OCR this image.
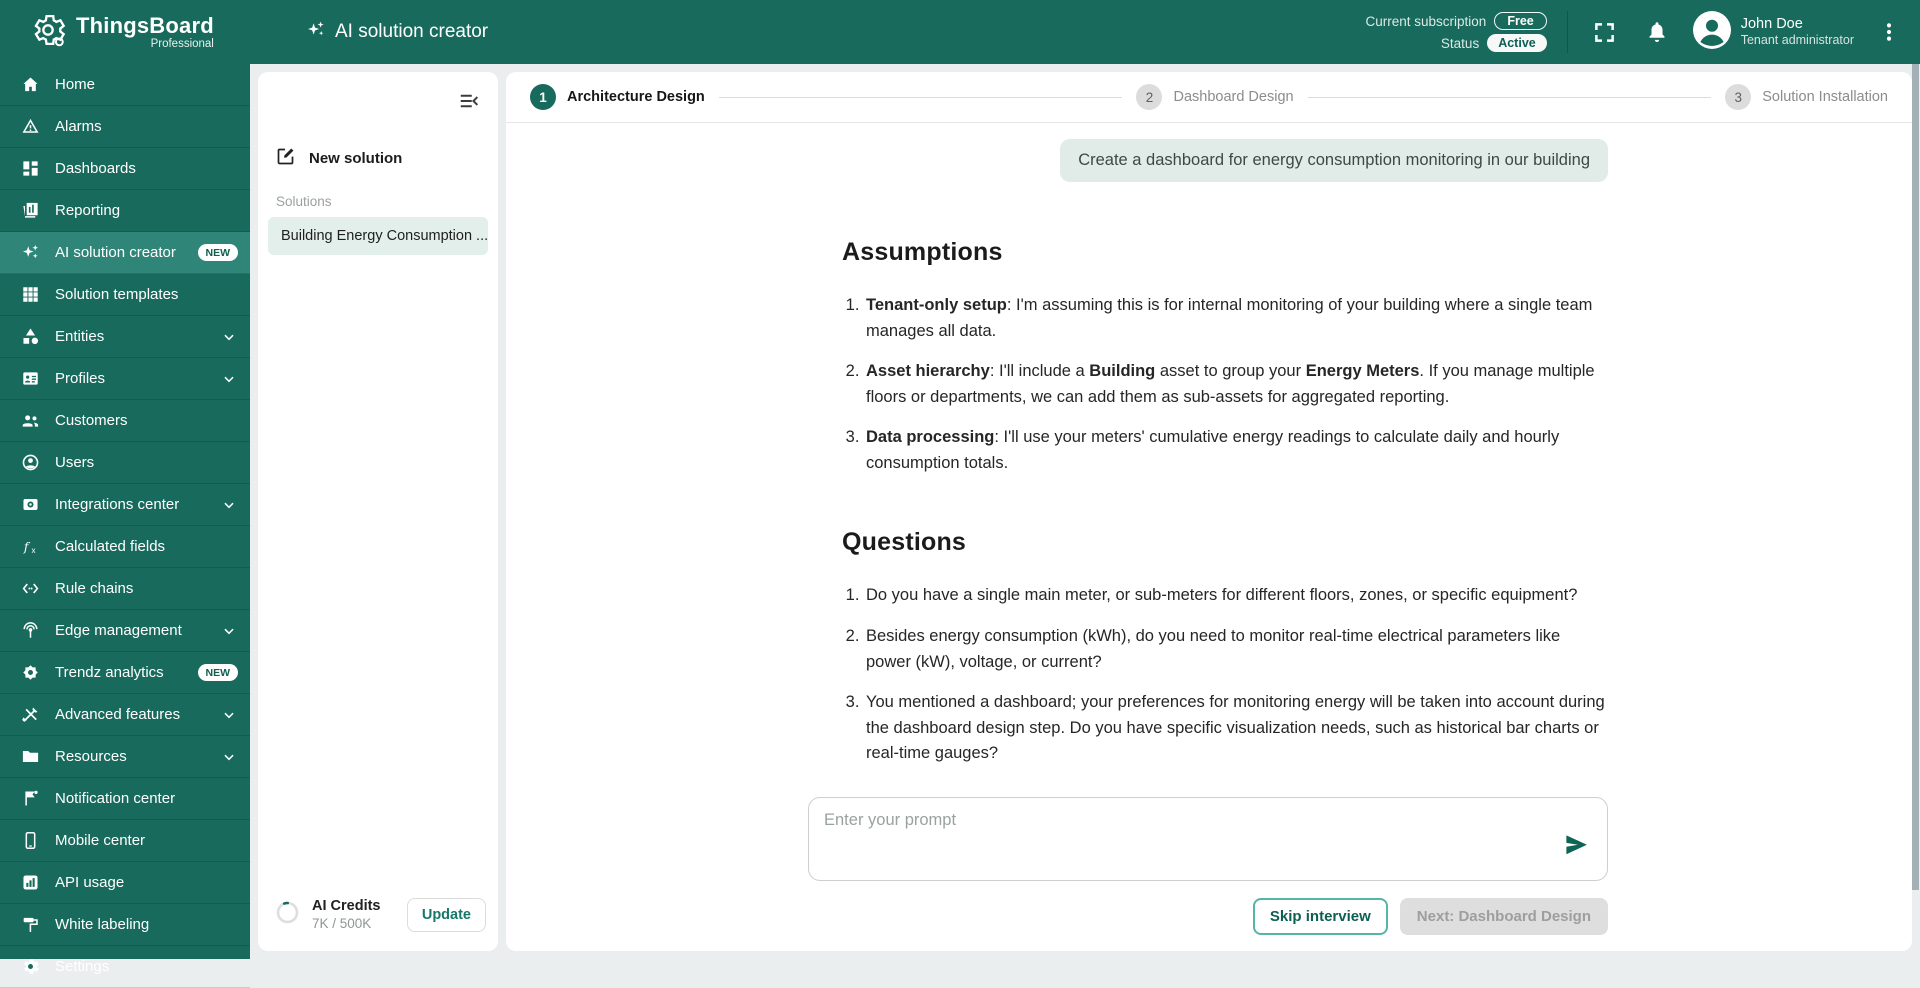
ThingsBoard
Professional
AI solution creator	Current subscription	Free
Status	Active
John Doe
Tenant administrator
Home
Alarms
Dashboards
Reporting
AI solution creator	NEW
Solution templates
Entities
Profiles
Customers
Users
Integrations center
f x Calculated fields
Rule chains
Edge management
Trendz analytics	NEW
Advanced features
Resources
Notification center
Mobile center
API usage
White labeling
Settings
New solution
Solutions
Building Energy Consumption ...
AI Credits
7K / 500K
Update
1	Architecture Design	2	Dashboard Design	3	Solution Installation
Create a dashboard for energy consumption monitoring in our building
Assumptions
1. Tenant-only setup: I'm assuming this is for internal monitoring of your building where a single team manages all data.
2. Asset hierarchy: I'll include a Building asset to group your Energy Meters. If you manage multiple floors or departments, we can add them as sub-assets for aggregated reporting.
3. Data processing: I'll use your meters' cumulative energy readings to calculate daily and hourly consumption totals.
Questions
1. Do you have a single main meter, or sub-meters for different floors, zones, or specific equipment?
2. Besides energy consumption (kWh), do you need to monitor real-time electrical parameters like power (kW), voltage, or current?
3. You mentioned a dashboard; your preferences for monitoring energy will be taken into account during the dashboard design step. Do you have specific visualization needs, such as historical bar charts or real-time gauges?
Enter your prompt
Skip interview	Next: Dashboard Design
